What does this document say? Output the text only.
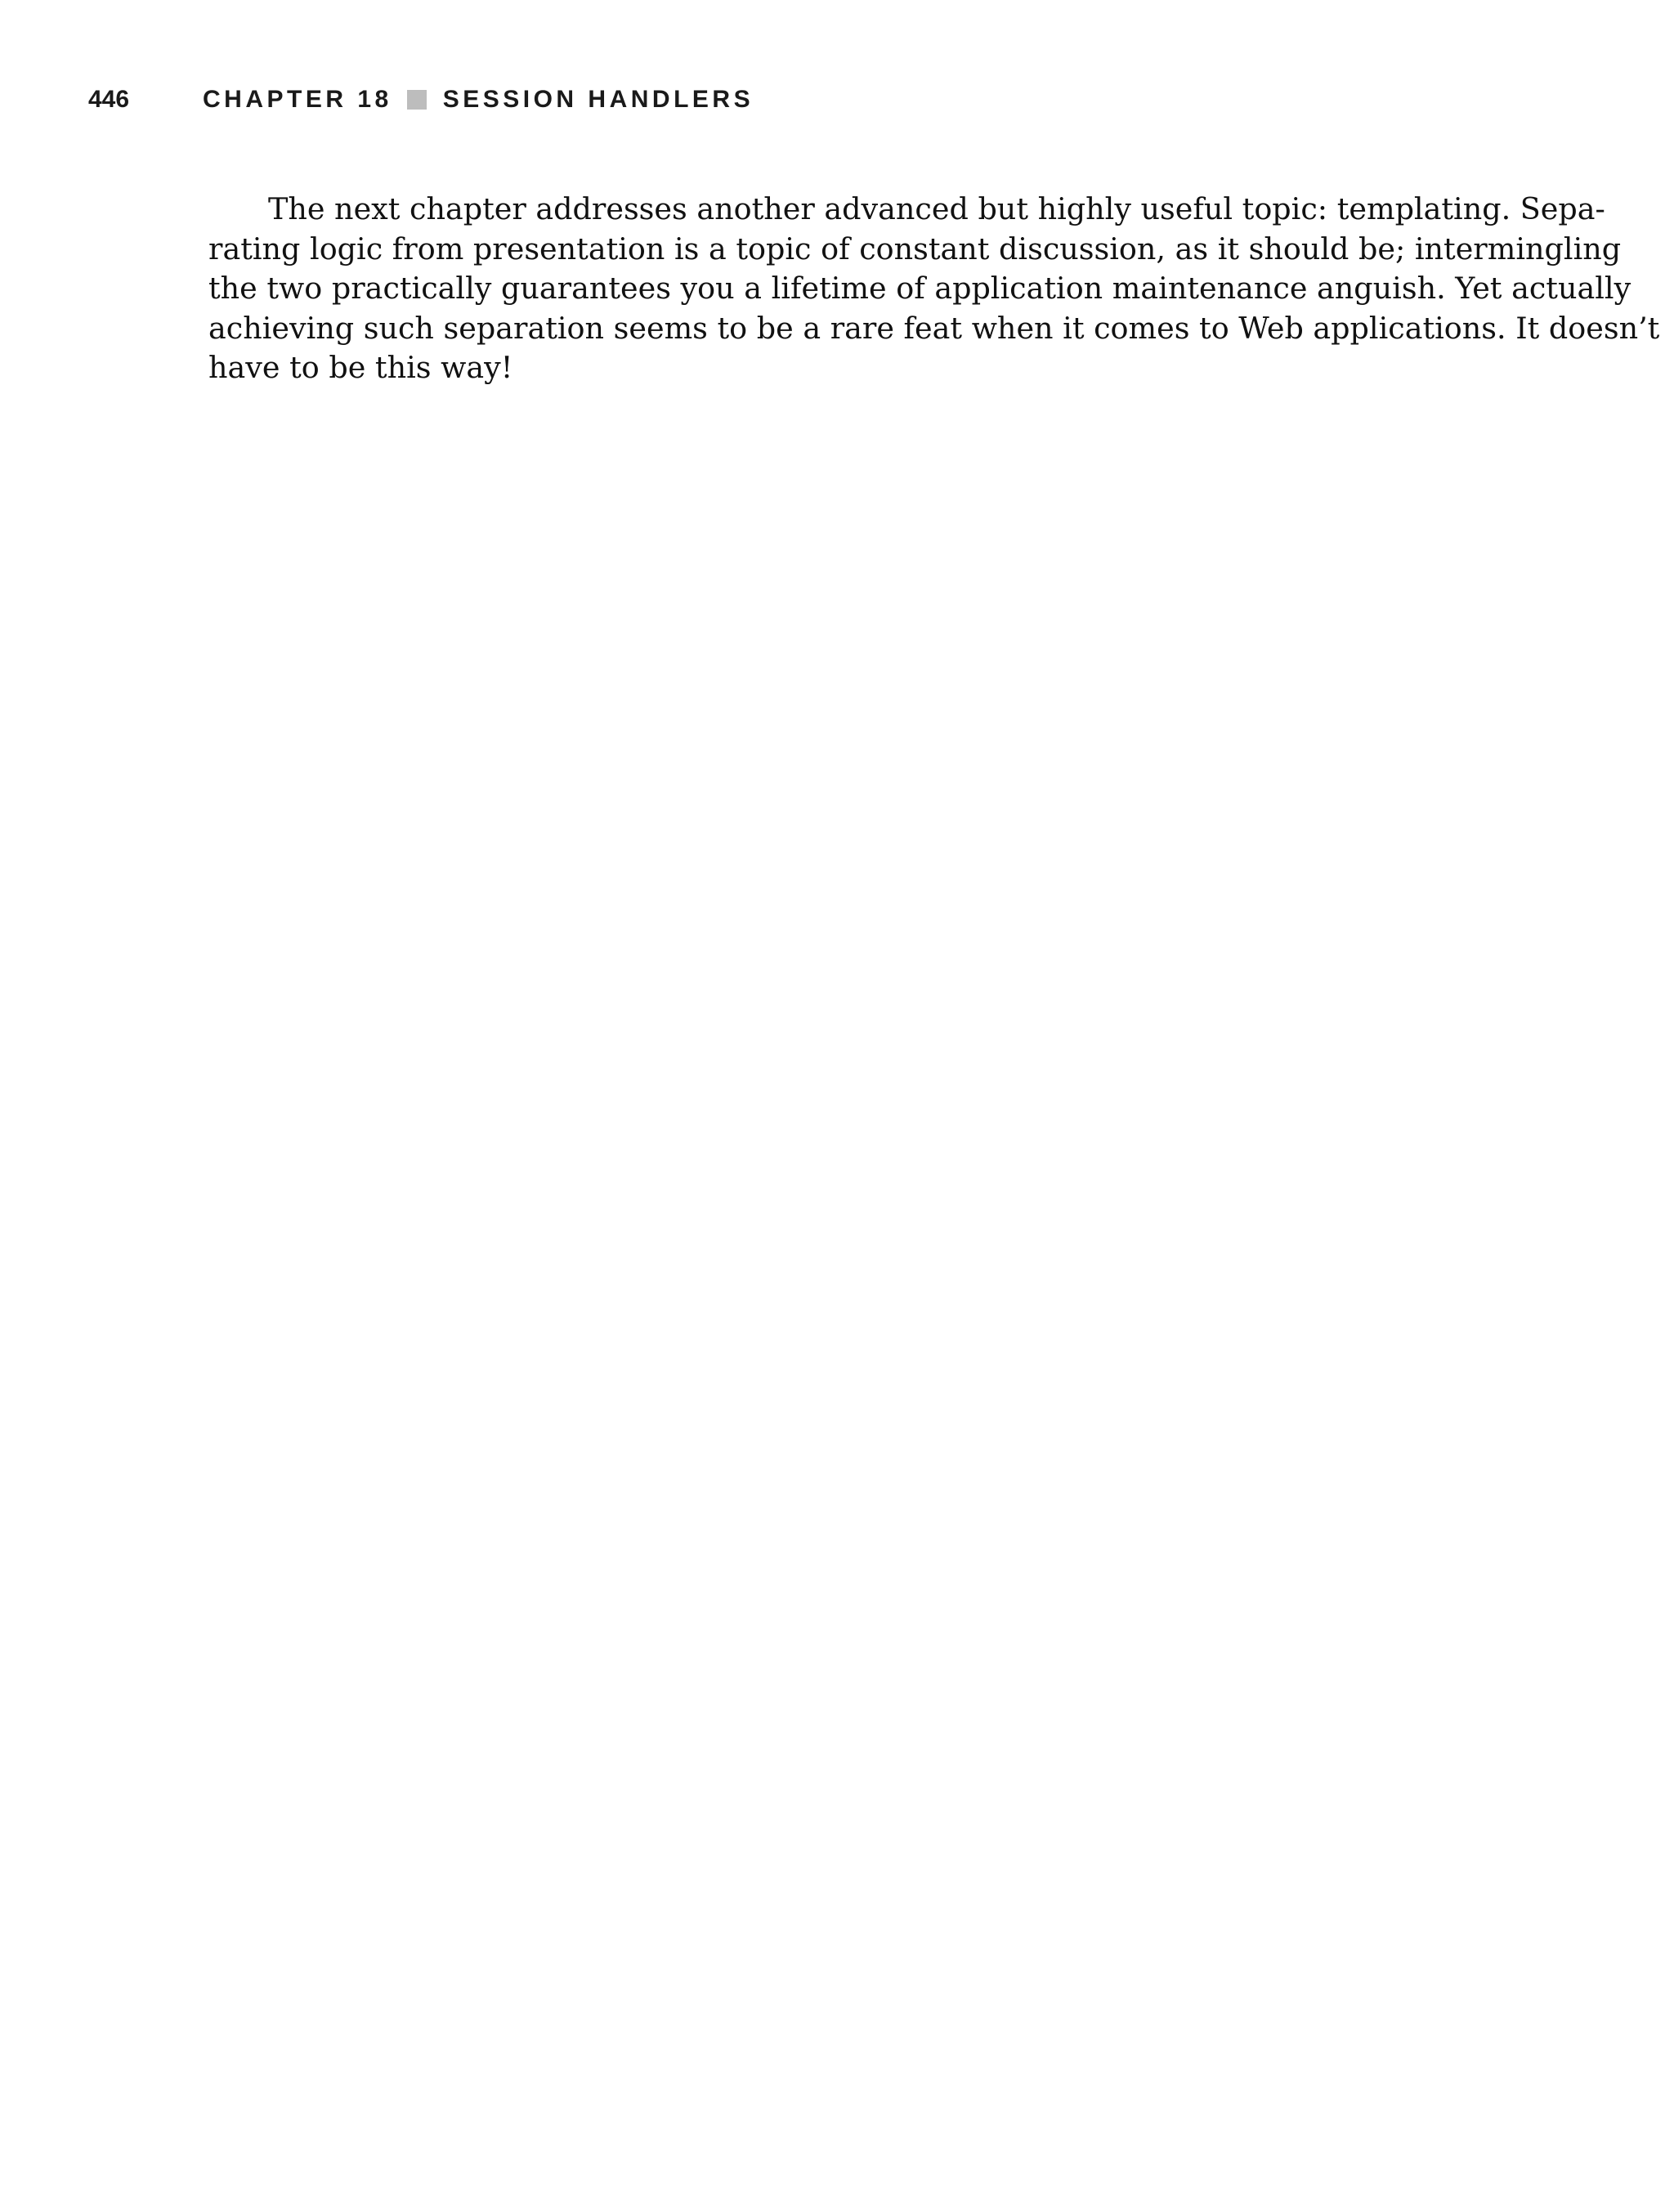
446	CHAPTER 18 SESSION HANDLERS

The next chapter addresses another advanced but highly useful topic: templating. Sepa-
rating logic from presentation is a topic of constant discussion, as it should be; intermingling
the two practically guarantees you a lifetime of application maintenance anguish. Yet actually
achieving such separation seems to be a rare feat when it comes to Web applications. It doesn’t
have to be this way!
